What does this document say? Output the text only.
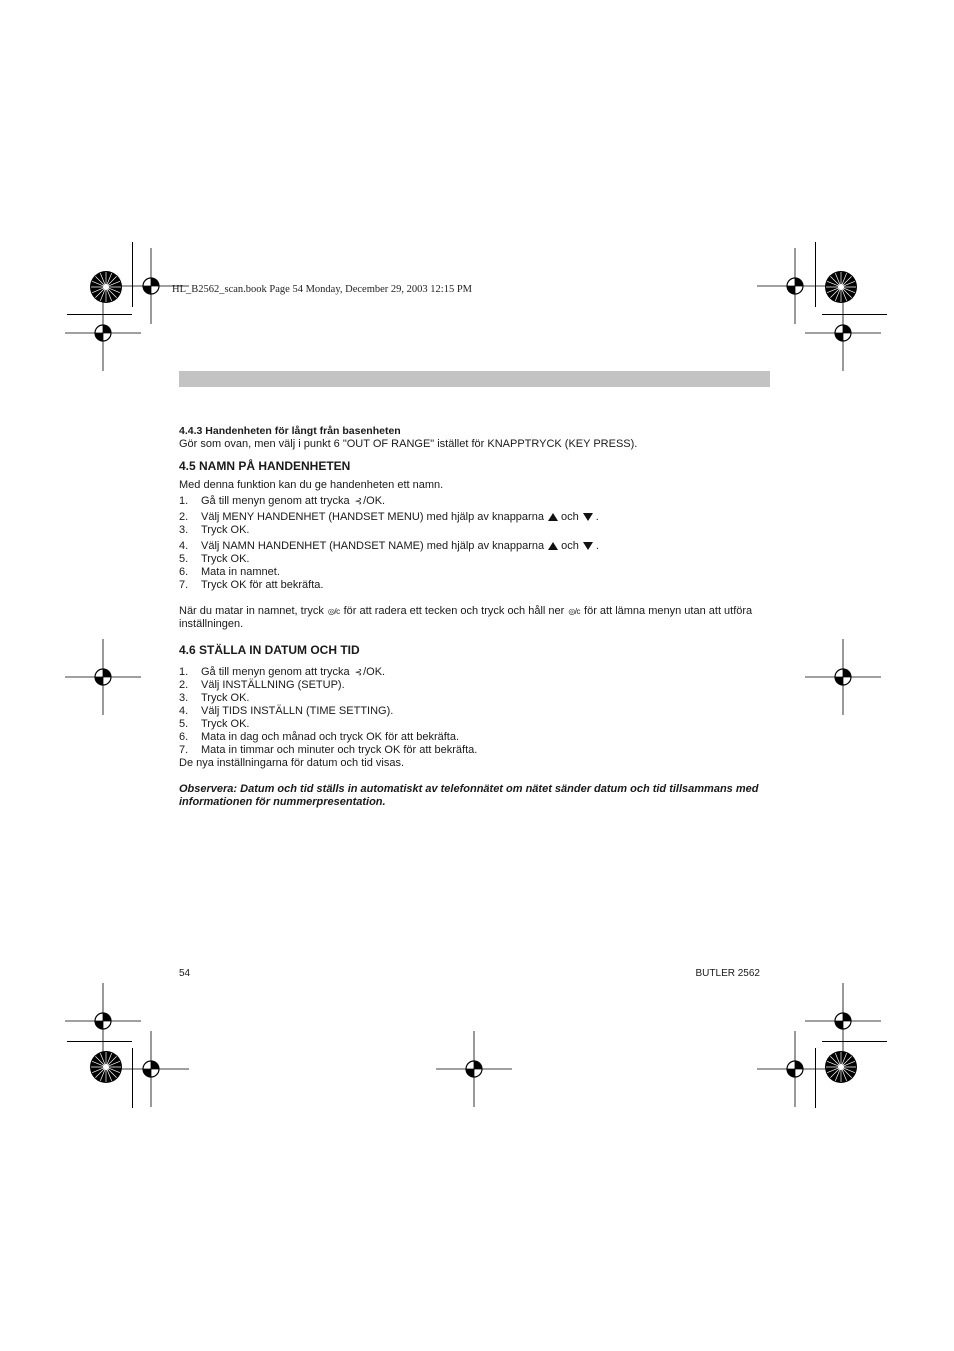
HL_B2562_scan.book Page 54 Monday, December 29, 2003 12:15 PM
4.4.3 Handenheten för långt från basenheten
Gör som ovan, men välj i punkt 6 "OUT OF RANGE" istället för KNAPPTRYCK (KEY PRESS).
4.5 NAMN PÅ HANDENHETEN
Med denna funktion kan du ge handenheten ett namn.
1.	Gå till menyn genom att trycka ⊰/OK.
2.	Välj MENY HANDENHET (HANDSET MENU) med hjälp av knapparna och .
3.	Tryck OK.
4.	Välj NAMN HANDENHET (HANDSET NAME) med hjälp av knapparna och .
5.	Tryck OK.
6.	Mata in namnet.
7.	Tryck OK för att bekräfta.
När du matar in namnet, tryck ◎/c för att radera ett tecken och tryck och håll ner ◎/c för att lämna menyn utan att utföra inställningen.
4.6 STÄLLA IN DATUM OCH TID
1.	Gå till menyn genom att trycka ⊰/OK.
2.	Välj INSTÄLLNING (SETUP).
3.	Tryck OK.
4.	Välj TIDS INSTÄLLN (TIME SETTING).
5.	Tryck OK.
6.	Mata in dag och månad och tryck OK för att bekräfta.
7.	Mata in timmar och minuter och tryck OK för att bekräfta.
De nya inställningarna för datum och tid visas.
Observera: Datum och tid ställs in automatiskt av telefonnätet om nätet sänder datum och tid tillsammans med informationen för nummerpresentation.
54	BUTLER 2562
